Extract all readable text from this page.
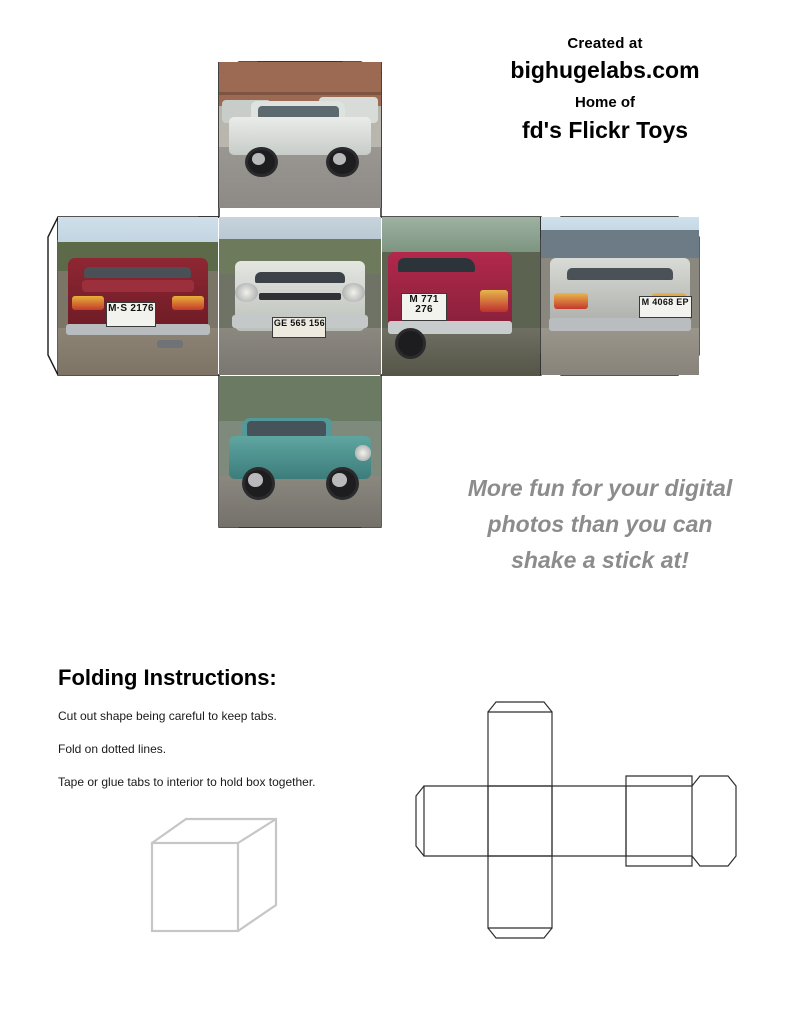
Created at
bighugelabs.com
Home of
fd's Flickr Toys
M·S 2176
GE 565 156
M 771 276
M 4068 EP
More fun for your digital photos than you can shake a stick at!
Folding Instructions:

Cut out shape being careful to keep tabs.

Fold on dotted lines.

Tape or glue tabs to interior to hold box together.
